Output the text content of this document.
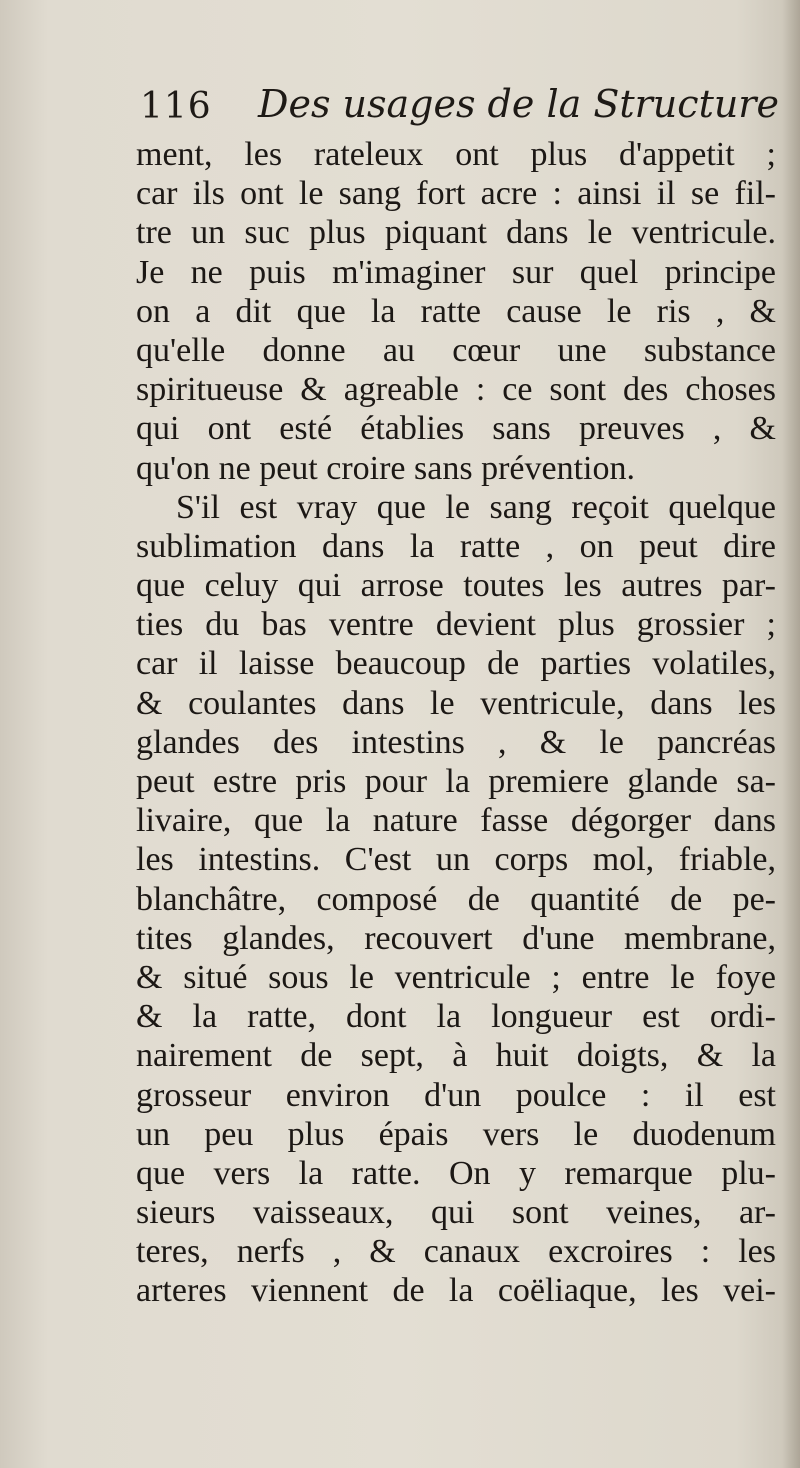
116 Des usages de la Structure
ment, les rateleux ont plus d'appetit ;
car ils ont le sang fort acre : ainsi il se fil-
tre un suc plus piquant dans le ventricule.
Je ne puis m'imaginer sur quel principe
on a dit que la ratte cause le ris , &
qu'elle donne au cœur une substance
spiritueuse & agreable : ce sont des choses
qui ont esté établies sans preuves , &
qu'on ne peut croire sans prévention.
S'il est vray que le sang reçoit quelque
sublimation dans la ratte , on peut dire
que celuy qui arrose toutes les autres par-
ties du bas ventre devient plus grossier ;
car il laisse beaucoup de parties volatiles,
& coulantes dans le ventricule, dans les
glandes des intestins , & le pancréas
peut estre pris pour la premiere glande sa-
livaire, que la nature fasse dégorger dans
les intestins. C'est un corps mol, friable,
blanchâtre, composé de quantité de pe-
tites glandes, recouvert d'une membrane,
& situé sous le ventricule ; entre le foye
& la ratte, dont la longueur est ordi-
nairement de sept, à huit doigts, & la
grosseur environ d'un poulce : il est
un peu plus épais vers le duodenum
que vers la ratte. On y remarque plu-
sieurs vaisseaux, qui sont veines, ar-
teres, nerfs , & canaux excroires : les
arteres viennent de la coëliaque, les vei-
